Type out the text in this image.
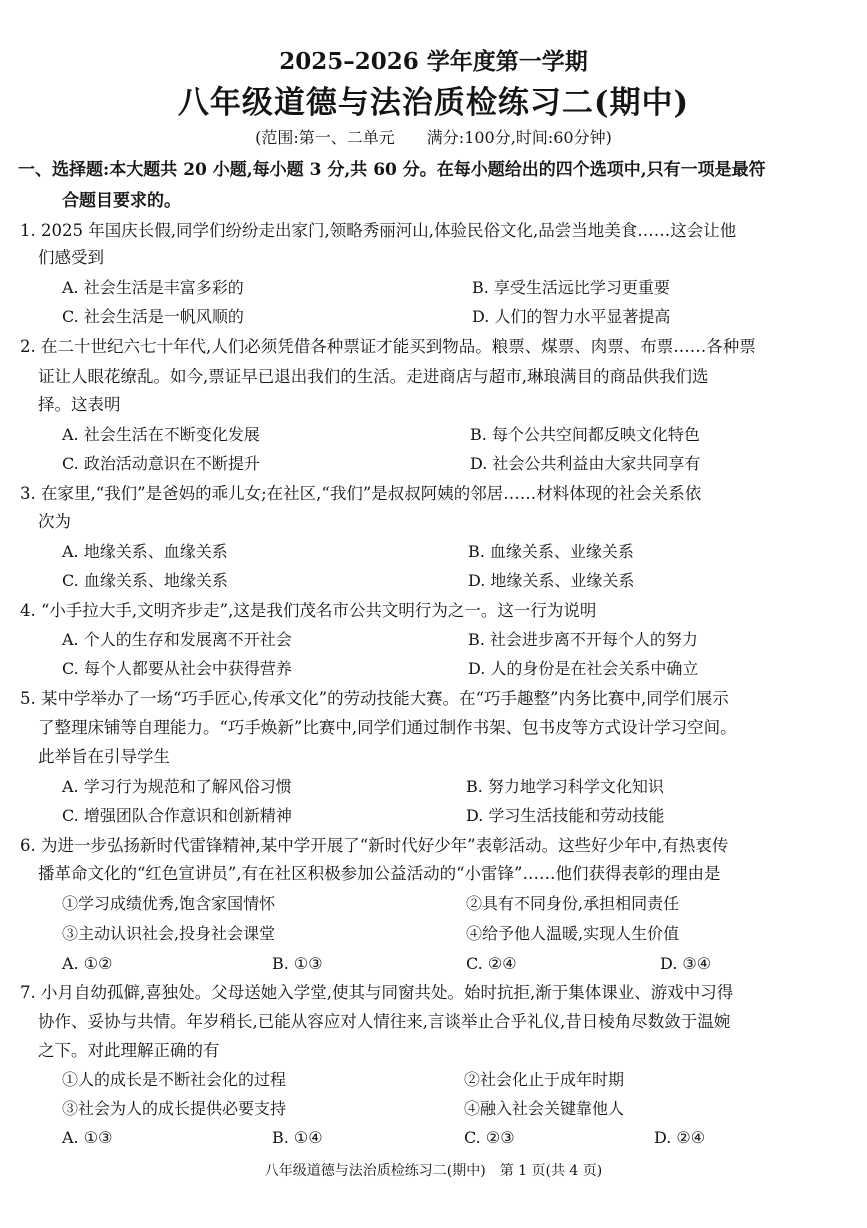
2025–2026 学年度第一学期
八年级道德与法治质检练习二(期中)
(范围:第一、二单元　　满分:100分,时间:60分钟)
一、选择题:本大题共 20 小题,每小题 3 分,共 60 分。在每小题给出的四个选项中,只有一项是最符
合题目要求的。
1. 2025 年国庆长假,同学们纷纷走出家门,领略秀丽河山,体验民俗文化,品尝当地美食……这会让他
们感受到
A. 社会生活是丰富多彩的	B. 享受生活远比学习更重要
C. 社会生活是一帆风顺的	D. 人们的智力水平显著提高
2. 在二十世纪六七十年代,人们必须凭借各种票证才能买到物品。粮票、煤票、肉票、布票……各种票
证让人眼花缭乱。如今,票证早已退出我们的生活。走进商店与超市,琳琅满目的商品供我们选
择。这表明
A. 社会生活在不断变化发展	B. 每个公共空间都反映文化特色
C. 政治活动意识在不断提升	D. 社会公共利益由大家共同享有
3. 在家里,“我们”是爸妈的乖儿女;在社区,“我们”是叔叔阿姨的邻居……材料体现的社会关系依
次为
A. 地缘关系、血缘关系	B. 血缘关系、业缘关系
C. 血缘关系、地缘关系	D. 地缘关系、业缘关系
4. “小手拉大手,文明齐步走”,这是我们茂名市公共文明行为之一。这一行为说明
A. 个人的生存和发展离不开社会	B. 社会进步离不开每个人的努力
C. 每个人都要从社会中获得营养	D. 人的身份是在社会关系中确立
5. 某中学举办了一场“巧手匠心,传承文化”的劳动技能大赛。在“巧手趣整”内务比赛中,同学们展示
了整理床铺等自理能力。“巧手焕新”比赛中,同学们通过制作书架、包书皮等方式设计学习空间。
此举旨在引导学生
A. 学习行为规范和了解风俗习惯	B. 努力地学习科学文化知识
C. 增强团队合作意识和创新精神	D. 学习生活技能和劳动技能
6. 为进一步弘扬新时代雷锋精神,某中学开展了“新时代好少年”表彰活动。这些好少年中,有热衷传
播革命文化的“红色宣讲员”,有在社区积极参加公益活动的“小雷锋”……他们获得表彰的理由是
①学习成绩优秀,饱含家国情怀	②具有不同身份,承担相同责任
③主动认识社会,投身社会课堂	④给予他人温暖,实现人生价值
A. ①②	B. ①③	C. ②④	D. ③④
7. 小月自幼孤僻,喜独处。父母送她入学堂,使其与同窗共处。始时抗拒,渐于集体课业、游戏中习得
协作、妥协与共情。年岁稍长,已能从容应对人情往来,言谈举止合乎礼仪,昔日棱角尽数敛于温婉
之下。对此理解正确的有
①人的成长是不断社会化的过程	②社会化止于成年时期
③社会为人的成长提供必要支持	④融入社会关键靠他人
A. ①③	B. ①④	C. ②③	D. ②④
八年级道德与法治质检练习二(期中)　第 1 页(共 4 页)
